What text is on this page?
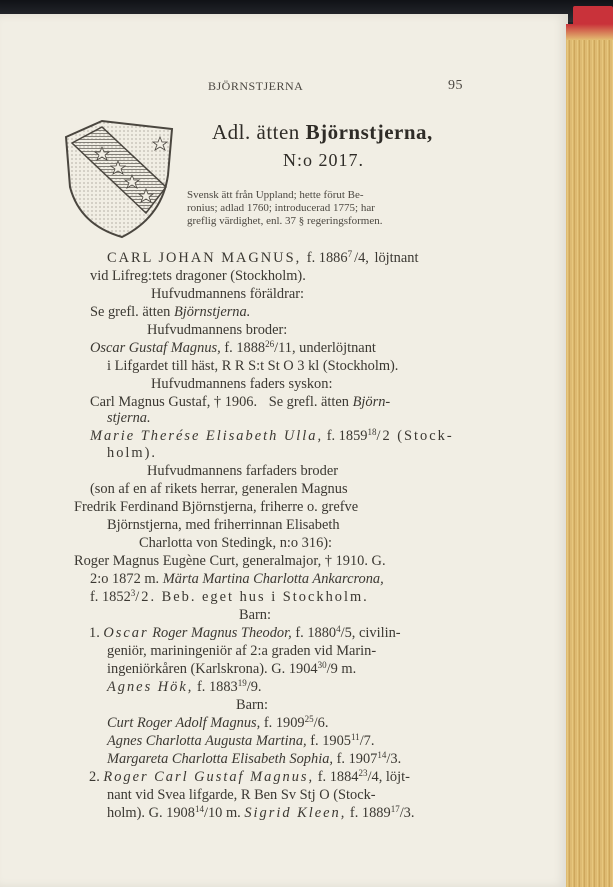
BJÖRNSTJERNA	95
Adl. ätten Björnstjerna,
N:o 2017.
Svensk ätt från Uppland; hette förut Be-
ronius; adlad 1760; introducerad 1775; har
greflig värdighet, enl. 37 § regeringsformen.
CARL JOHAN MAGNUS, f. 1886$^7$/4, löjtnant
vid Lifreg:tets dragoner (Stockholm).
Hufvudmannens föräldrar:
Se grefl. ätten Björnstjerna.
Hufvudmannens broder:
Oscar Gustaf Magnus, f. 1888$^{26}$/11, underlöjtnant
i Lifgardet till häst, R R S:t St O 3 kl (Stockholm).
Hufvudmannens faders syskon:
Carl Magnus Gustaf, † 1906. Se grefl. ätten Björn-
stjerna.
Marie Therése Elisabeth Ulla, f. 1859$^{18}$/2 (Stock-
holm).
Hufvudmannens farfaders broder
(son af en af rikets herrar, generalen Magnus
Fredrik Ferdinand Björnstjerna, friherre o. grefve
Björnstjerna, med friherrinnan Elisabeth
Charlotta von Stedingk, n:o 316):
Roger Magnus Eugène Curt, generalmajor, † 1910. G.
2:o 1872 m. Märta Martina Charlotta Ankarcrona,
f. 1852$^3$/2. Beb. eget hus i Stockholm.
Barn:
1. Oscar Roger Magnus Theodor, f. 1880$^4$/5, civilin-
geniör, mariningeniör af 2:a graden vid Marin-
ingeniörkåren (Karlskrona). G. 1904$^{30}$/9 m.
Agnes Hök, f. 1883$^{19}$/9.
Barn:
Curt Roger Adolf Magnus, f. 1909$^{25}$/6.
Agnes Charlotta Augusta Martina, f. 1905$^{11}$/7.
Margareta Charlotta Elisabeth Sophia, f. 1907$^{14}$/3.
2. Roger Carl Gustaf Magnus, f. 1884$^{23}$/4, löjt-
nant vid Svea lifgarde, R Ben Sv Stj O (Stock-
holm). G. 1908$^{14}$/10 m. Sigrid Kleen, f. 1889$^{17}$/3.
